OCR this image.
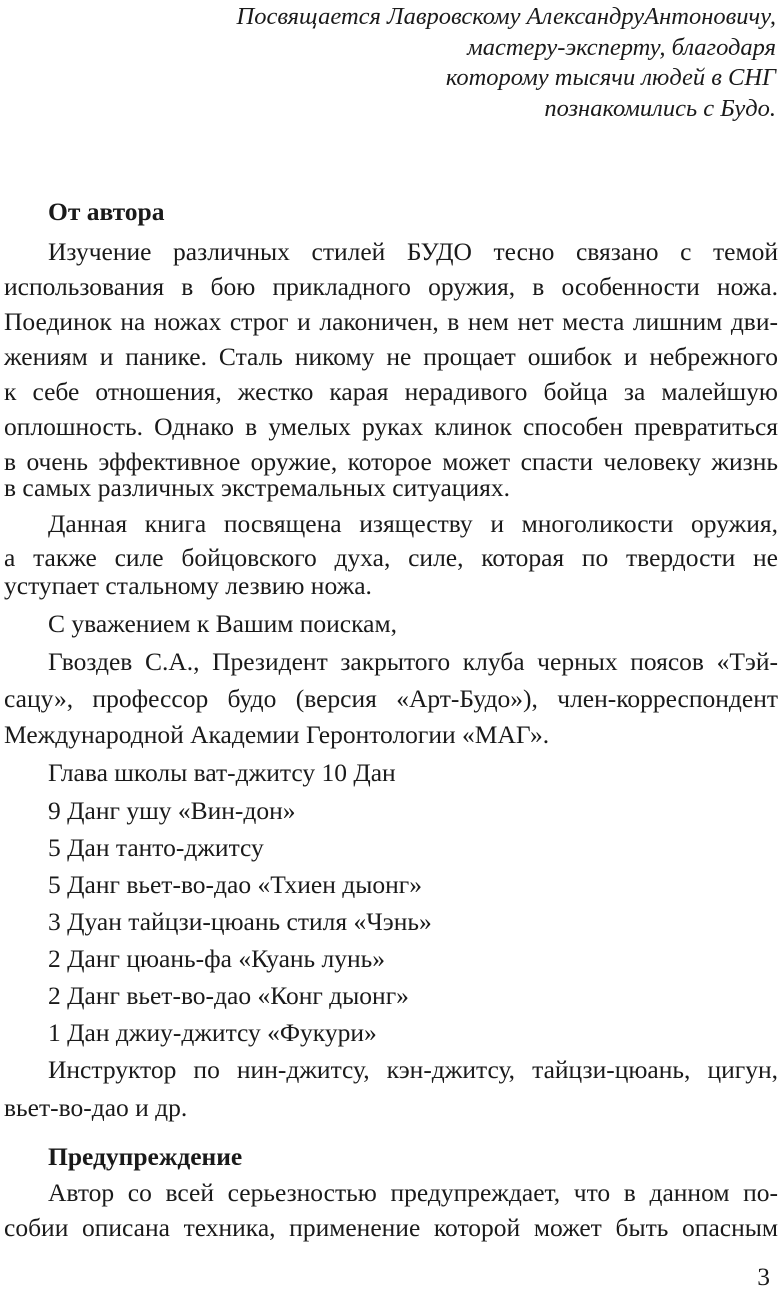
Посвящается Лавровскому АлександруАнтоновичу,
мастеру-эксперту, благодаря
которому тысячи людей в СНГ
познакомились с Будо.
От автора
Изучение различных стилей БУДО тесно связано с темой
использования в бою прикладного оружия, в особенности ножа.
Поединок на ножах строг и лаконичен, в нем нет места лишним дви-
жениям и панике. Сталь никому не прощает ошибок и небрежного
к себе отношения, жестко карая нерадивого бойца за малейшую
оплошность. Однако в умелых руках клинок способен превратиться
в очень эффективное оружие, которое может спасти человеку жизнь
в самых различных экстремальных ситуациях.
Данная книга посвящена изяществу и многоликости оружия,
а также силе бойцовского духа, силе, которая по твердости не
уступает стальному лезвию ножа.
С уважением к Вашим поискам,
Гвоздев С.А., Президент закрытого клуба черных поясов «Тэй-
сацу», профессор будо (версия «Арт-Будо»), член-корреспондент
Международной Академии Геронтологии «МАГ».
Глава школы ват-джитсу 10 Дан
9 Данг ушу «Вин-дон»
5 Дан танто-джитсу
5 Данг вьет-во-дао «Тхиен дыонг»
3 Дуан тайцзи-цюань стиля «Чэнь»
2 Данг цюань-фа «Куань лунь»
2 Данг вьет-во-дао «Конг дыонг»
1 Дан джиу-джитсу «Фукури»
Инструктор по нин-джитсу, кэн-джитсу, тайцзи-цюань, цигун,
вьет-во-дао и др.
Предупреждение
Автор со всей серьезностью предупреждает, что в данном по-
собии описана техника, применение которой может быть опасным
3
